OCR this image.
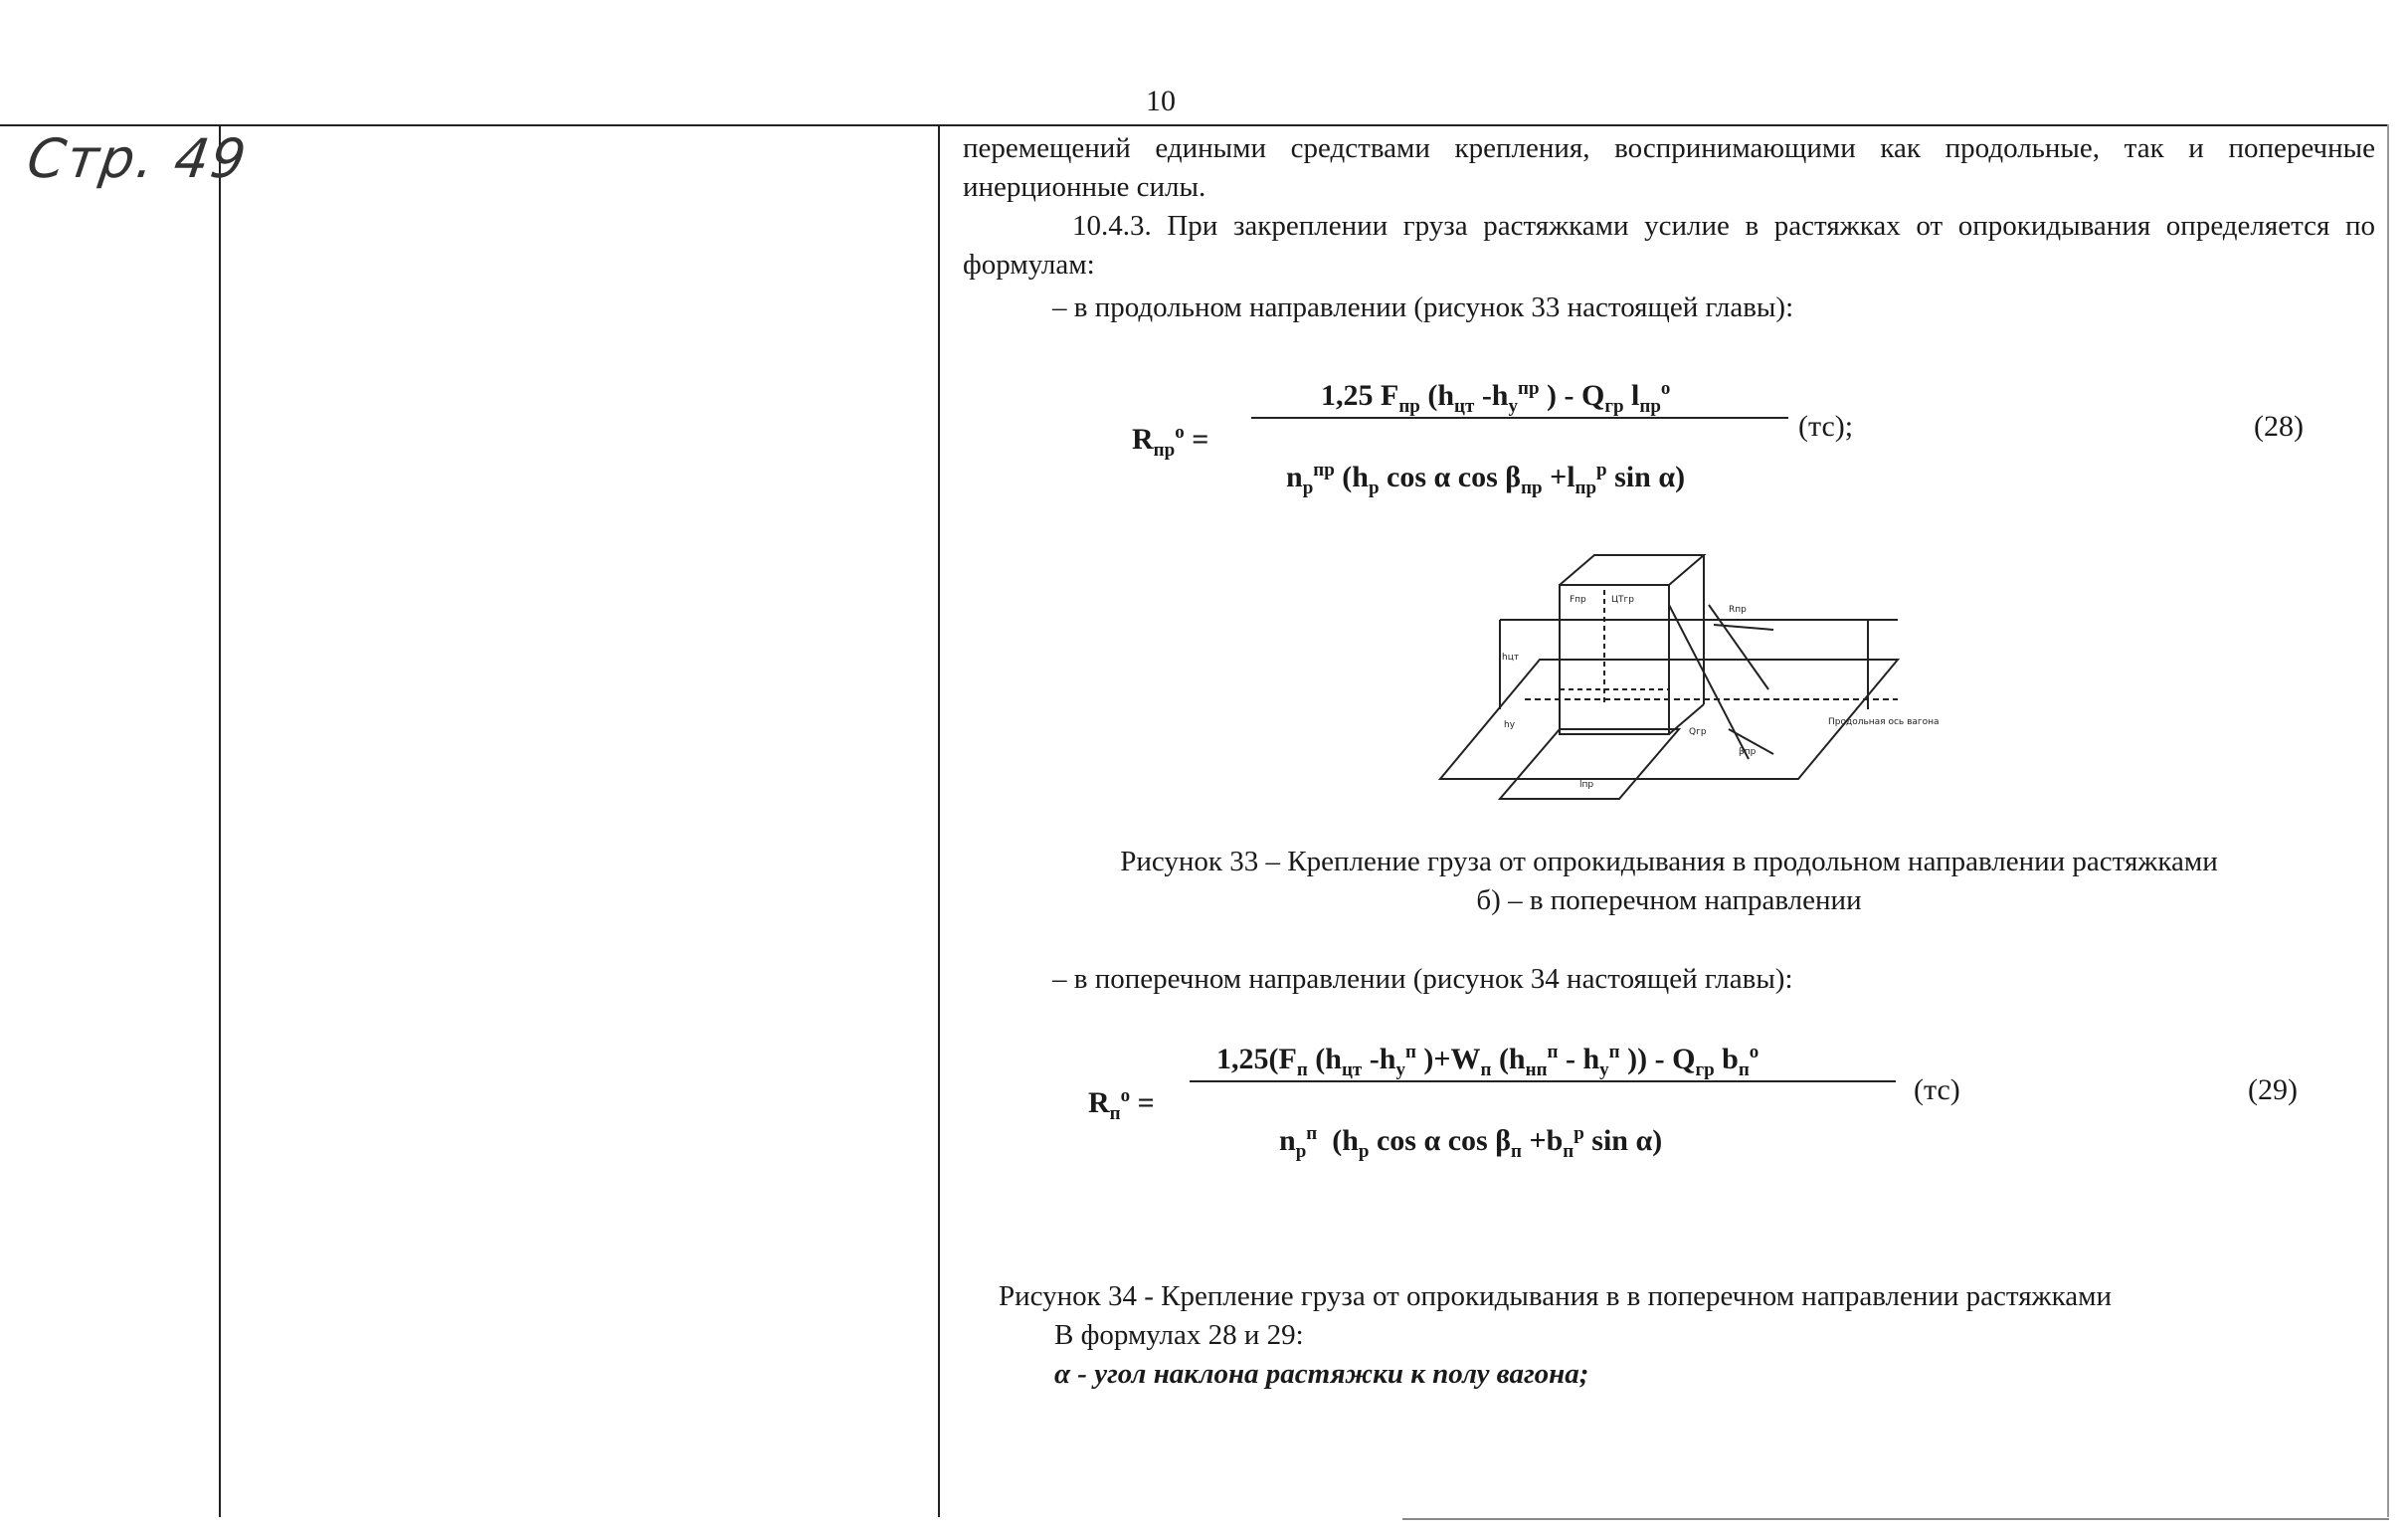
10
Стр. 49	перемещений едиными средствами крепления, воспринимающими как продольные, так и поперечные инерционные силы.

10.4.3. При закреплении груза растяжками усилие в растяжках от опрокидывания определяется по формулам:

– в продольном направлении (рисунок 33 настоящей главы):

$R_{пр}^о$ =
1,25 $F_{пр}$ ($h_{цт}$ $-h_у^{пр}$ ) - $Q_{гр}$ $l_{пр}^о$
$n_р^{пр}$ ($h_р$ cos α $\cos \beta_{пр} +l_{пр}^р$ sin α)
(тс);	(28)
ЦТгр
Fпр
Rпр
hцт
hу
Qгр
lпр
βпр
Продольная ось вагона

Рисунок 33 – Крепление груза от опрокидывания в продольном направлении растяжками

б) – в поперечном направлении

– в поперечном направлении (рисунок 34 настоящей главы):

$R_п^о$ =
$1,25(F_п$ ($h_{цт}$ $-h_у^п$ )$+W_п$ ($h_{нп}^п - h_у^п$ )) - $Q_{гр}$ $b_п^о$
$n_р^п$  ($h_р$ cos α $\cos \beta_п +b_п^р$ sin α)
(тс)	(29)

Рисунок 34 - Крепление груза от опрокидывания в в поперечном направлении растяжками

В формулах 28 и 29:

α - угол наклона растяжки к полу вагона;
